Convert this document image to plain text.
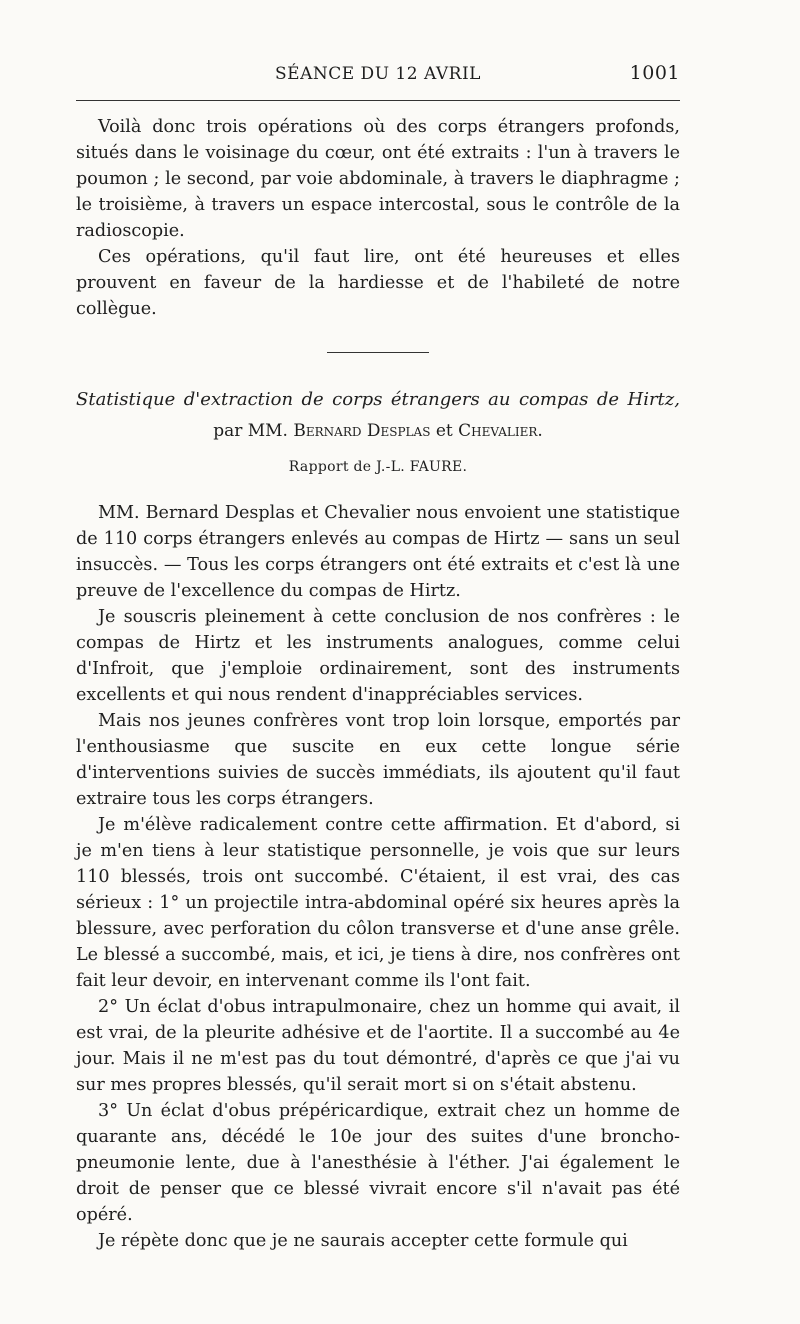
SÉANCE DU 12 AVRIL	1001

Voilà donc trois opérations où des corps étrangers profonds, situés dans le voisinage du cœur, ont été extraits : l'un à travers le poumon ; le second, par voie abdominale, à travers le diaphragme ; le troisième, à travers un espace intercostal, sous le contrôle de la radioscopie.

Ces opérations, qu'il faut lire, ont été heureuses et elles prouvent en faveur de la hardiesse et de l'habileté de notre collègue.

Statistique d'extraction de corps étrangers au compas de Hirtz,
par MM. Bernard Desplas et Chevalier.
Rapport de J.-L. FAURE.

MM. Bernard Desplas et Chevalier nous envoient une statistique de 110 corps étrangers enlevés au compas de Hirtz — sans un seul insuccès. — Tous les corps étrangers ont été extraits et c'est là une preuve de l'excellence du compas de Hirtz.

Je souscris pleinement à cette conclusion de nos confrères : le compas de Hirtz et les instruments analogues, comme celui d'Infroit, que j'emploie ordinairement, sont des instruments excellents et qui nous rendent d'inappréciables services.

Mais nos jeunes confrères vont trop loin lorsque, emportés par l'enthousiasme que suscite en eux cette longue série d'interventions suivies de succès immédiats, ils ajoutent qu'il faut extraire tous les corps étrangers.

Je m'élève radicalement contre cette affirmation. Et d'abord, si je m'en tiens à leur statistique personnelle, je vois que sur leurs 110 blessés, trois ont succombé. C'étaient, il est vrai, des cas sérieux : 1° un projectile intra-abdominal opéré six heures après la blessure, avec perforation du côlon transverse et d'une anse grêle. Le blessé a succombé, mais, et ici, je tiens à dire, nos confrères ont fait leur devoir, en intervenant comme ils l'ont fait.

2° Un éclat d'obus intrapulmonaire, chez un homme qui avait, il est vrai, de la pleurite adhésive et de l'aortite. Il a succombé au 4e jour. Mais il ne m'est pas du tout démontré, d'après ce que j'ai vu sur mes propres blessés, qu'il serait mort si on s'était abstenu.

3° Un éclat d'obus prépéricardique, extrait chez un homme de quarante ans, décédé le 10e jour des suites d'une broncho-pneumonie lente, due à l'anesthésie à l'éther. J'ai également le droit de penser que ce blessé vivrait encore s'il n'avait pas été opéré.

Je répète donc que je ne saurais accepter cette formule qui
